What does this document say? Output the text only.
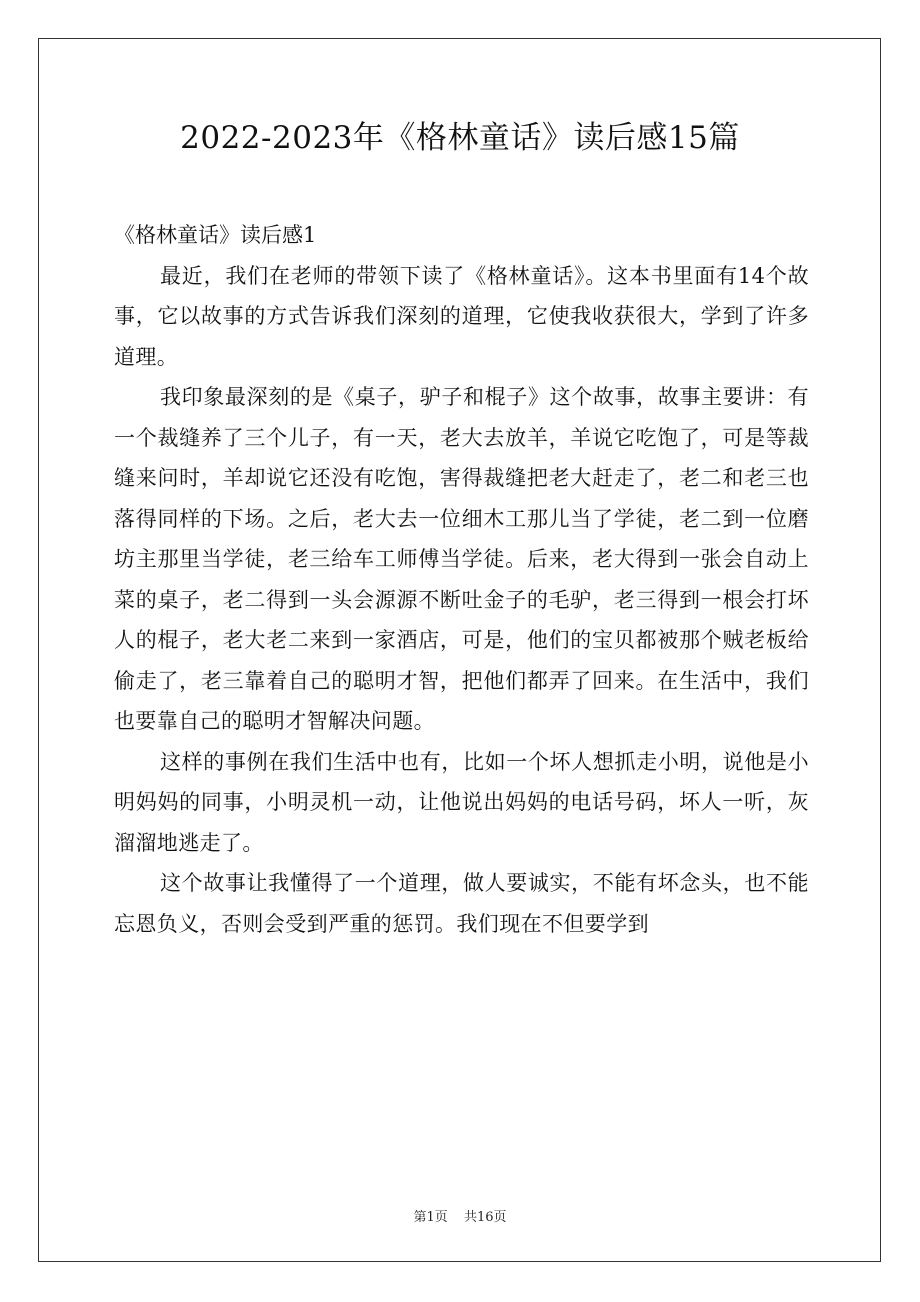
2022-2023年《格林童话》读后感15篇

《格林童话》读后感1

最近，我们在老师的带领下读了《格林童话》。这本书里面有14个故事，它以故事的方式告诉我们深刻的道理，它使我收获很大，学到了许多道理。

我印象最深刻的是《桌子，驴子和棍子》这个故事，故事主要讲：有一个裁缝养了三个儿子，有一天，老大去放羊，羊说它吃饱了，可是等裁缝来问时，羊却说它还没有吃饱，害得裁缝把老大赶走了，老二和老三也落得同样的下场。之后，老大去一位细木工那儿当了学徒，老二到一位磨坊主那里当学徒，老三给车工师傅当学徒。后来，老大得到一张会自动上菜的桌子，老二得到一头会源源不断吐金子的毛驴，老三得到一根会打坏人的棍子，老大老二来到一家酒店，可是，他们的宝贝都被那个贼老板给偷走了，老三靠着自己的聪明才智，把他们都弄了回来。在生活中，我们也要靠自己的聪明才智解决问题。

这样的事例在我们生活中也有，比如一个坏人想抓走小明，说他是小明妈妈的同事，小明灵机一动，让他说出妈妈的电话号码，坏人一听，灰溜溜地逃走了。

这个故事让我懂得了一个道理，做人要诚实，不能有坏念头，也不能忘恩负义，否则会受到严重的惩罚。我们现在不但要学到

第1页 共16页
